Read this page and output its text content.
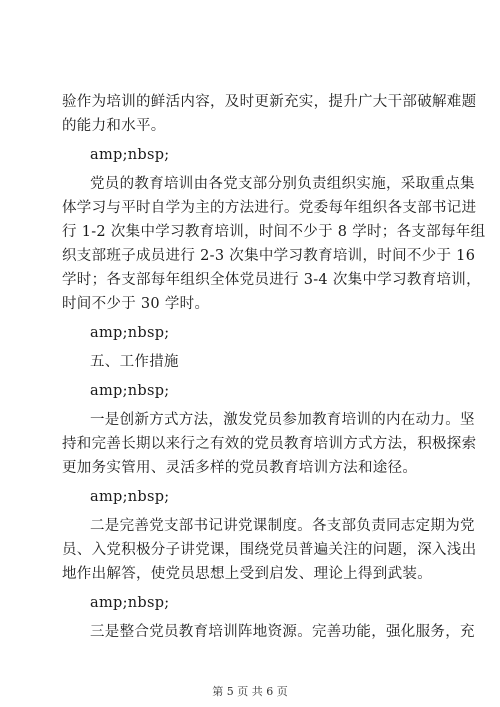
验作为培训的鲜活内容，及时更新充实，提升广大干部破解难题
的能力和水平。

amp;nbsp;

党员的教育培训由各党支部分别负责组织实施，采取重点集
体学习与平时自学为主的方法进行。党委每年组织各支部书记进
行 1-2 次集中学习教育培训，时间不少于 8 学时；各支部每年组
织支部班子成员进行 2-3 次集中学习教育培训，时间不少于 16
学时；各支部每年组织全体党员进行 3-4 次集中学习教育培训，
时间不少于 30 学时。

amp;nbsp;

五、工作措施

amp;nbsp;

一是创新方式方法，激发党员参加教育培训的内在动力。坚
持和完善长期以来行之有效的党员教育培训方式方法，积极探索
更加务实管用、灵活多样的党员教育培训方法和途径。

amp;nbsp;

二是完善党支部书记讲党课制度。各支部负责同志定期为党
员、入党积极分子讲党课，围绕党员普遍关注的问题，深入浅出
地作出解答，使党员思想上受到启发、理论上得到武装。

amp;nbsp;

三是整合党员教育培训阵地资源。完善功能，强化服务，充

第 5 页 共 6 页
